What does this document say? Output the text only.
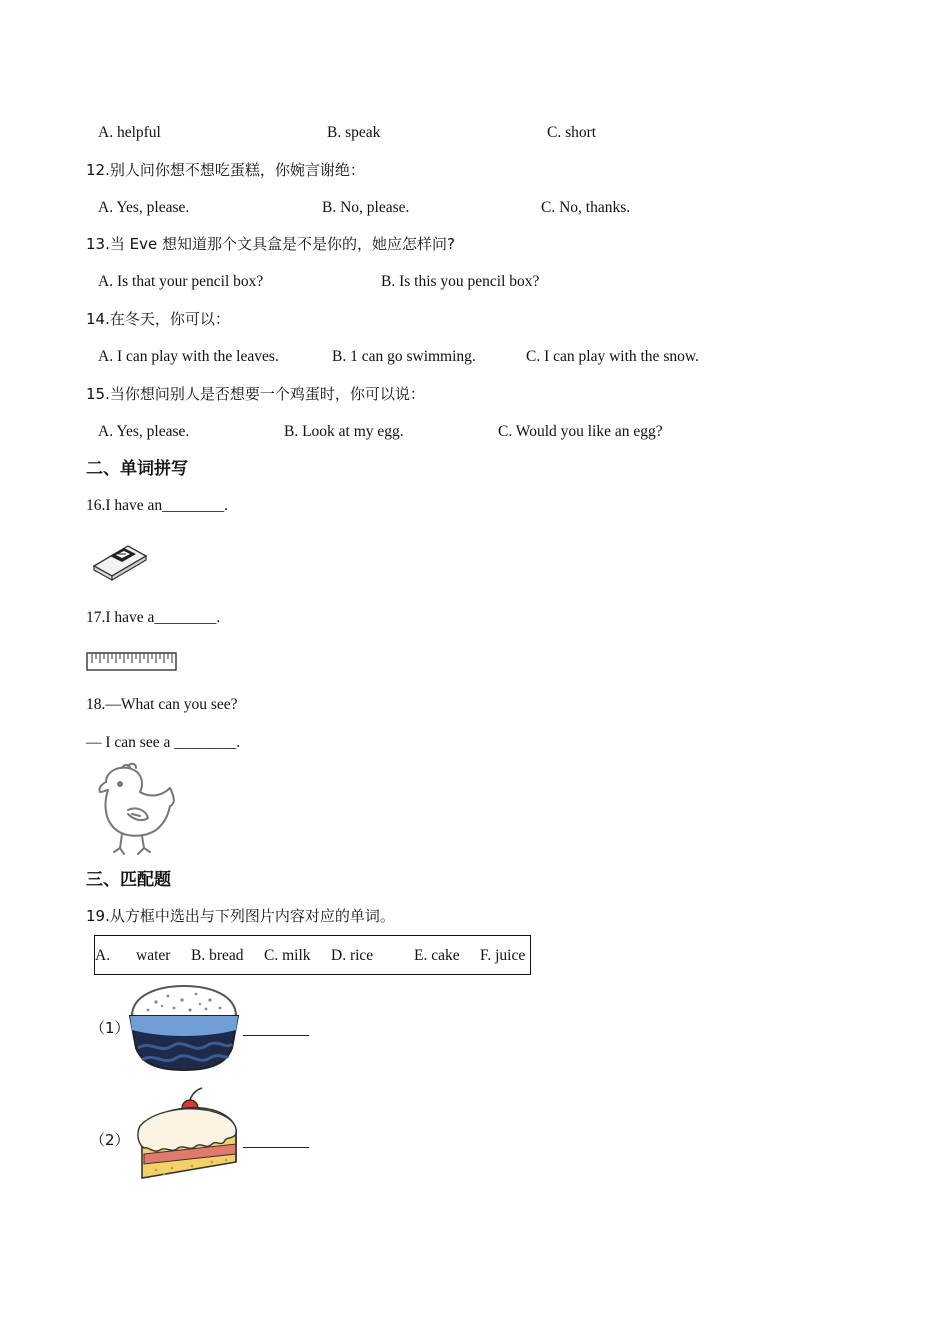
A. helpful	B. speak	C. short
12.别人问你想不想吃蛋糕，你婉言谢绝：
A. Yes, please.	B. No, please.	C. No, thanks.
13.当 Eve 想知道那个文具盒是不是你的，她应怎样问?
A. Is that your pencil box?	B. Is this you pencil box?
14.在冬天，你可以：
A. I can play with the leaves.	B. 1 can go swimming.	C. I can play with the snow.
15.当你想问别人是否想要一个鸡蛋时，你可以说：
A. Yes, please.	B. Look at my egg.	C. Would you like an egg?
二、单词拼写
16.I have an________.
17.I have a________.
18.—What can you see?
— I can see a ________.
三、匹配题
19.从方框中选出与下列图片内容对应的单词。
A. water B. bread C. milk D. rice	E. cake F. juice
（1）
（2）
